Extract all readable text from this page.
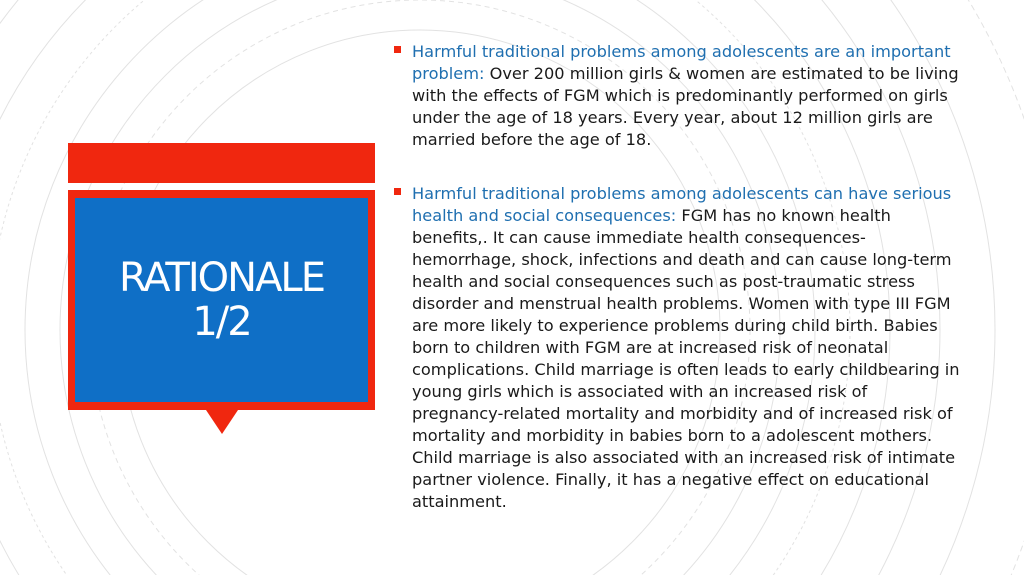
RATIONALE
1/2
Harmful traditional problems among adolescents are an important problem: Over 200 million girls & women are estimated to be living with the effects of FGM which is predominantly performed on girls under the age of 18 years. Every year, about 12 million girls are married before the age of 18.
Harmful traditional problems among adolescents can have serious health and social consequences: FGM has no known health benefits,. It can cause immediate health consequences- hemorrhage, shock, infections and death and can cause long-term health and social consequences such as post-traumatic stress disorder and menstrual health problems. Women with type III FGM are more likely to experience problems during child birth. Babies born to children with FGM are at increased risk of neonatal complications. Child marriage is often leads to early childbearing in young girls which is associated with an increased risk of pregnancy-related mortality and morbidity and of increased risk of mortality and morbidity in babies born to a adolescent mothers. Child marriage is also associated with an increased risk of intimate partner violence. Finally, it has a negative effect on educational attainment.
